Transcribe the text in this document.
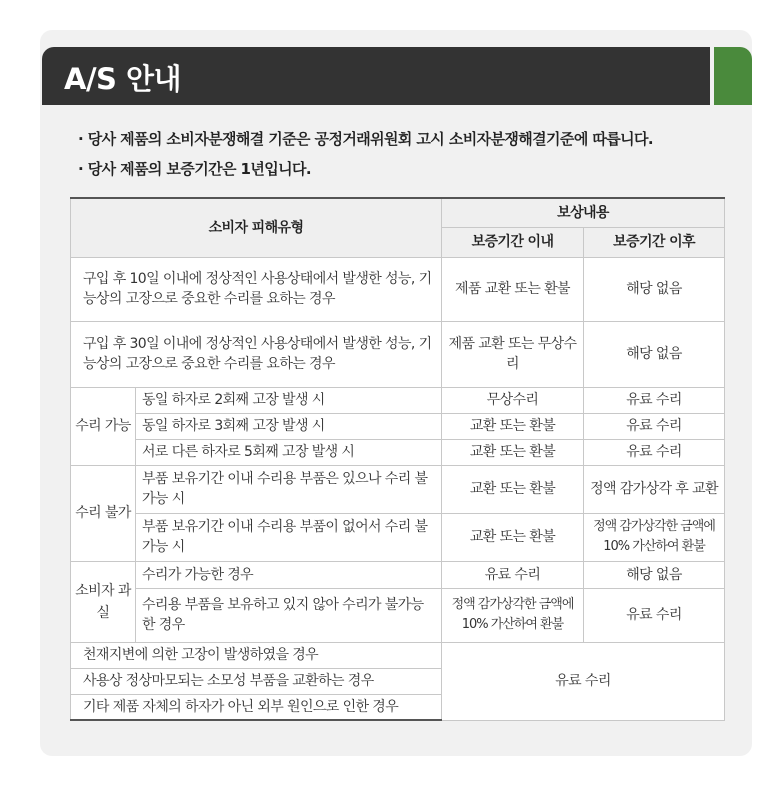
A/S 안내
· 당사 제품의 소비자분쟁해결 기준은 공정거래위원회 고시 소비자분쟁해결기준에 따릅니다.
· 당사 제품의 보증기간은 1년입니다.
소비자 피해유형		보상내용	
		보증기간 이내	보증기간 이후
구입 후 10일 이내에 정상적인 사용상태에서 발생한 성능, 기능상의 고장으로 중요한 수리를 요하는 경우		제품 교환 또는 환불	해당 없음
구입 후 30일 이내에 정상적인 사용상태에서 발생한 성능, 기능상의 고장으로 중요한 수리를 요하는 경우		제품 교환 또는 무상수리	해당 없음
수리 가능	동일 하자로 2회째 고장 발생 시	무상수리	유료 수리
	동일 하자로 3회째 고장 발생 시	교환 또는 환불	유료 수리
	서로 다른 하자로 5회째 고장 발생 시	교환 또는 환불	유료 수리
수리 불가	부품 보유기간 이내 수리용 부품은 있으나 수리 불가능 시	교환 또는 환불	정액 감가상각 후 교환
	부품 보유기간 이내 수리용 부품이 없어서 수리 불가능 시	교환 또는 환불	정액 감가상각한 금액에 10% 가산하여 환불
소비자 과실	수리가 가능한 경우	유료 수리	해당 없음
	수리용 부품을 보유하고 있지 않아 수리가 불가능 한 경우	정액 감가상각한 금액에 10% 가산하여 환불	유료 수리
천재지변에 의한 고장이 발생하였을 경우		유료 수리	
사용상 정상마모되는 소모성 부품을 교환하는 경우			
기타 제품 자체의 하자가 아닌 외부 원인으로 인한 경우			
